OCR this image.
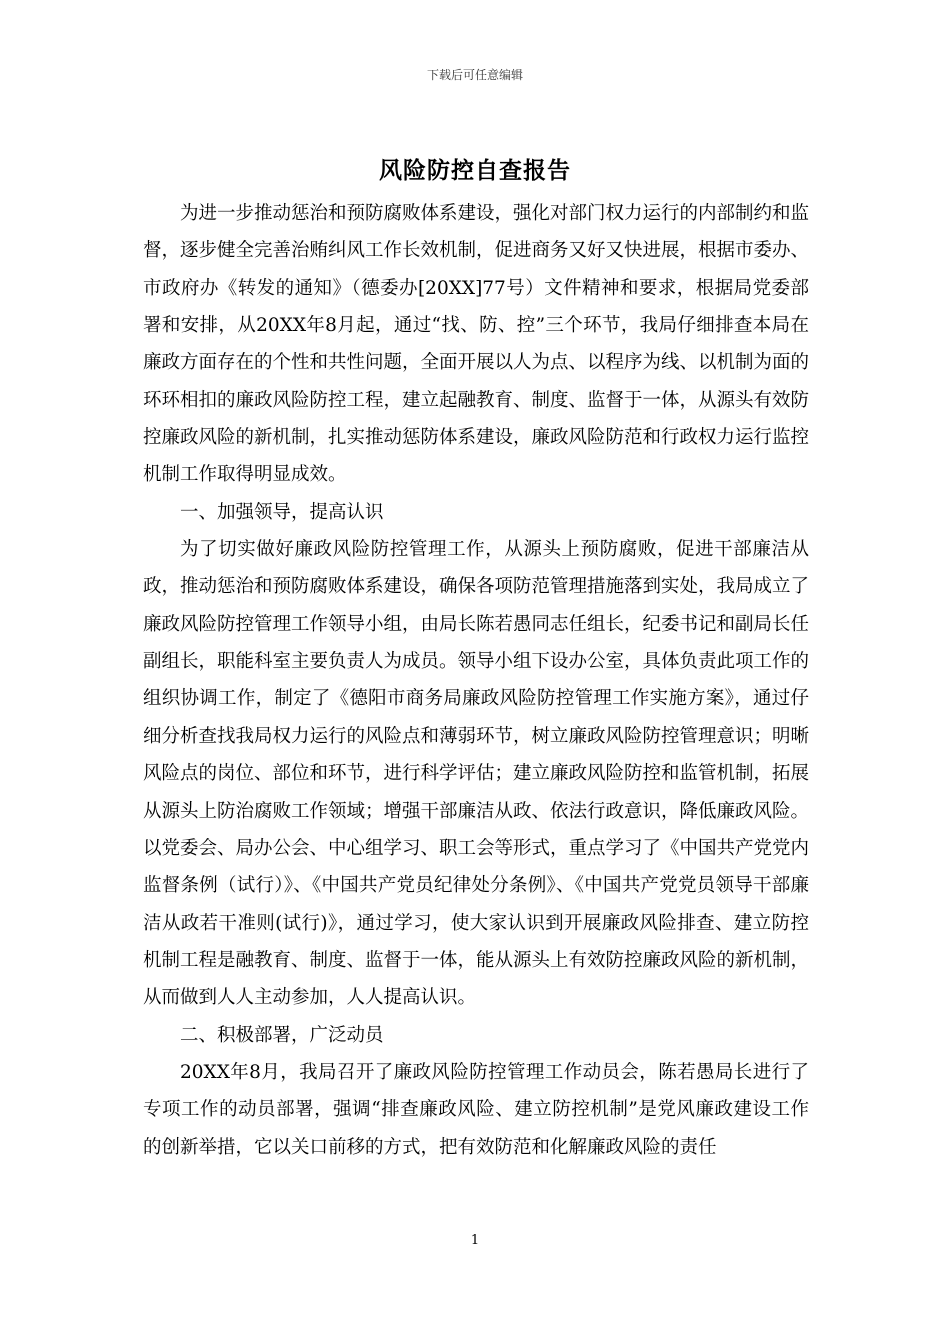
下载后可任意编辑
风险防控自查报告

为进一步推动惩治和预防腐败体系建设，强化对部门权力运行的内部制约和监督，逐步健全完善治贿纠风工作长效机制，促进商务又好又快进展，根据市委办、市政府办《转发的通知》（德委办[20XX]77号）文件精神和要求，根据局党委部署和安排，从20XX年8月起，通过“找、防、控”三个环节，我局仔细排查本局在廉政方面存在的个性和共性问题，全面开展以人为点、以程序为线、以机制为面的环环相扣的廉政风险防控工程，建立起融教育、制度、监督于一体，从源头有效防控廉政风险的新机制，扎实推动惩防体系建设，廉政风险防范和行政权力运行监控机制工作取得明显成效。

一、加强领导，提高认识

为了切实做好廉政风险防控管理工作，从源头上预防腐败，促进干部廉洁从政，推动惩治和预防腐败体系建设，确保各项防范管理措施落到实处，我局成立了廉政风险防控管理工作领导小组，由局长陈若愚同志任组长，纪委书记和副局长任副组长，职能科室主要负责人为成员。领导小组下设办公室，具体负责此项工作的组织协调工作，制定了《德阳市商务局廉政风险防控管理工作实施方案》，通过仔细分析查找我局权力运行的风险点和薄弱环节，树立廉政风险防控管理意识；明晰风险点的岗位、部位和环节，进行科学评估；建立廉政风险防控和监管机制，拓展从源头上防治腐败工作领域；增强干部廉洁从政、依法行政意识，降低廉政风险。以党委会、局办公会、中心组学习、职工会等形式，重点学习了《中国共产党党内监督条例（试行）》、《中国共产党员纪律处分条例》、《中国共产党党员领导干部廉洁从政若干准则(试行)》，通过学习，使大家认识到开展廉政风险排查、建立防控机制工程是融教育、制度、监督于一体，能从源头上有效防控廉政风险的新机制，从而做到人人主动参加，人人提高认识。

二、积极部署，广泛动员

20XX年8月，我局召开了廉政风险防控管理工作动员会，陈若愚局长进行了专项工作的动员部署，强调“排查廉政风险、建立防控机制”是党风廉政建设工作的创新举措，它以关口前移的方式，把有效防范和化解廉政风险的责任

1
